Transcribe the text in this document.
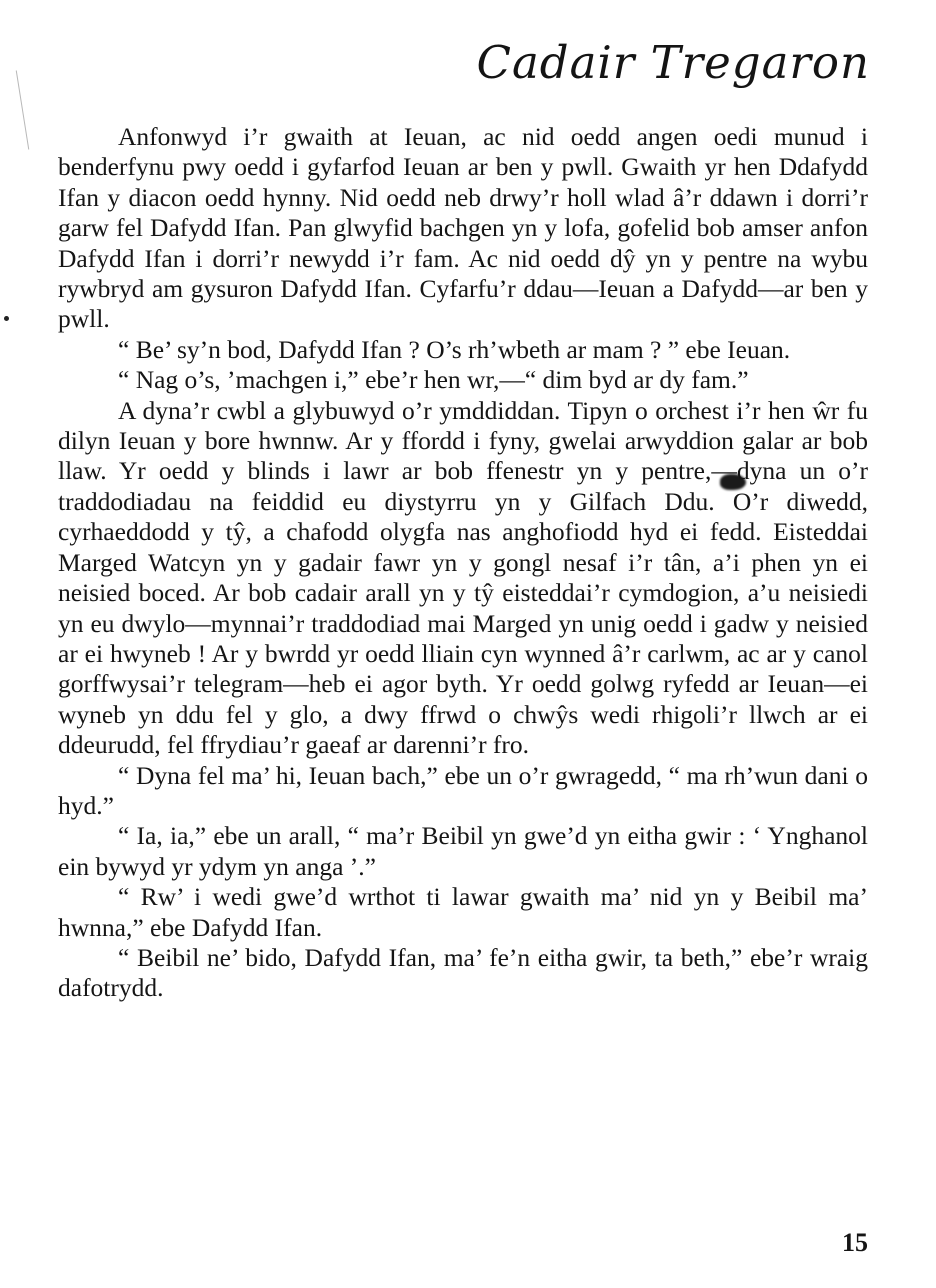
Cadair Tregaron

Anfonwyd i’r gwaith at Ieuan, ac nid oedd angen oedi munud i benderfynu pwy oedd i gyfarfod Ieuan ar ben y pwll. Gwaith yr hen Ddafydd Ifan y diacon oedd hynny. Nid oedd neb drwy’r holl wlad â’r ddawn i dorri’r garw fel Dafydd Ifan. Pan glwyfid bachgen yn y lofa, gofelid bob amser anfon Dafydd Ifan i dorri’r newydd i’r fam. Ac nid oedd dŷ yn y pentre na wybu rywbryd am gysuron Dafydd Ifan. Cyfarfu’r ddau—Ieuan a Dafydd—ar ben y pwll.

“ Be’ sy’n bod, Dafydd Ifan ? O’s rh’wbeth ar mam ? ” ebe Ieuan.

“ Nag o’s, ’machgen i,” ebe’r hen wr,—“ dim byd ar dy fam.”

A dyna’r cwbl a glybuwyd o’r ymddiddan. Tipyn o orchest i’r hen ŵr fu dilyn Ieuan y bore hwnnw. Ar y ffordd i fyny, gwelai arwyddion galar ar bob llaw. Yr oedd y blinds i lawr ar bob ffenestr yn y pentre,—dyna un o’r traddodiadau na feiddid eu diystyrru yn y Gilfach Ddu. O’r diwedd, cyrhaeddodd y tŷ, a chafodd olygfa nas anghofiodd hyd ei fedd. Eisteddai Marged Watcyn yn y gadair fawr yn y gongl nesaf i’r tân, a’i phen yn ei neisied boced. Ar bob cadair arall yn y tŷ eisteddai’r cymdogion, a’u neisiedi yn eu dwylo—mynnai’r traddodiad mai Marged yn unig oedd i gadw y neisied ar ei hwyneb ! Ar y bwrdd yr oedd lliain cyn wynned â’r carlwm, ac ar y canol gorffwysai’r telegram—heb ei agor byth. Yr oedd golwg ryfedd ar Ieuan—ei wyneb yn ddu fel y glo, a dwy ffrwd o chwŷs wedi rhigoli’r llwch ar ei ddeurudd, fel ffrydiau’r gaeaf ar darenni’r fro.

“ Dyna fel ma’ hi, Ieuan bach,” ebe un o’r gwragedd, “ ma rh’wun dani o hyd.”

“ Ia, ia,” ebe un arall, “ ma’r Beibil yn gwe’d yn eitha gwir : ‘ Ynghanol ein bywyd yr ydym yn anga ’.”

“ Rw’ i wedi gwe’d wrthot ti lawar gwaith ma’ nid yn y Beibil ma’ hwnna,” ebe Dafydd Ifan.

“ Beibil ne’ bido, Dafydd Ifan, ma’ fe’n eitha gwir, ta beth,” ebe’r wraig dafotrydd.

15
